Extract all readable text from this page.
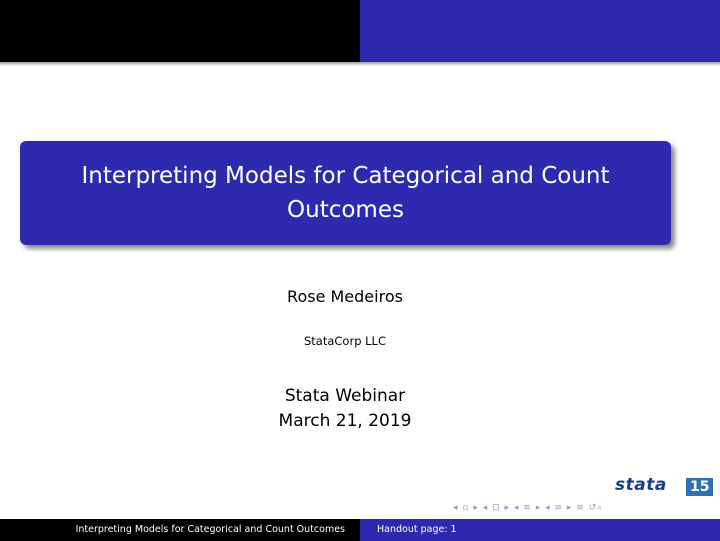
Interpreting Models for Categorical and Count Outcomes
Rose Medeiros
StataCorp LLC
Stata Webinar
March 21, 2019
stata 15
◂ ▫ ▸ ◂ ⊡ ▸ ◂ ≡ ▸ ◂ ≡ ▸ ≡ ↺⌕
Interpreting Models for Categorical and Count Outcomes	Handout page: 1
